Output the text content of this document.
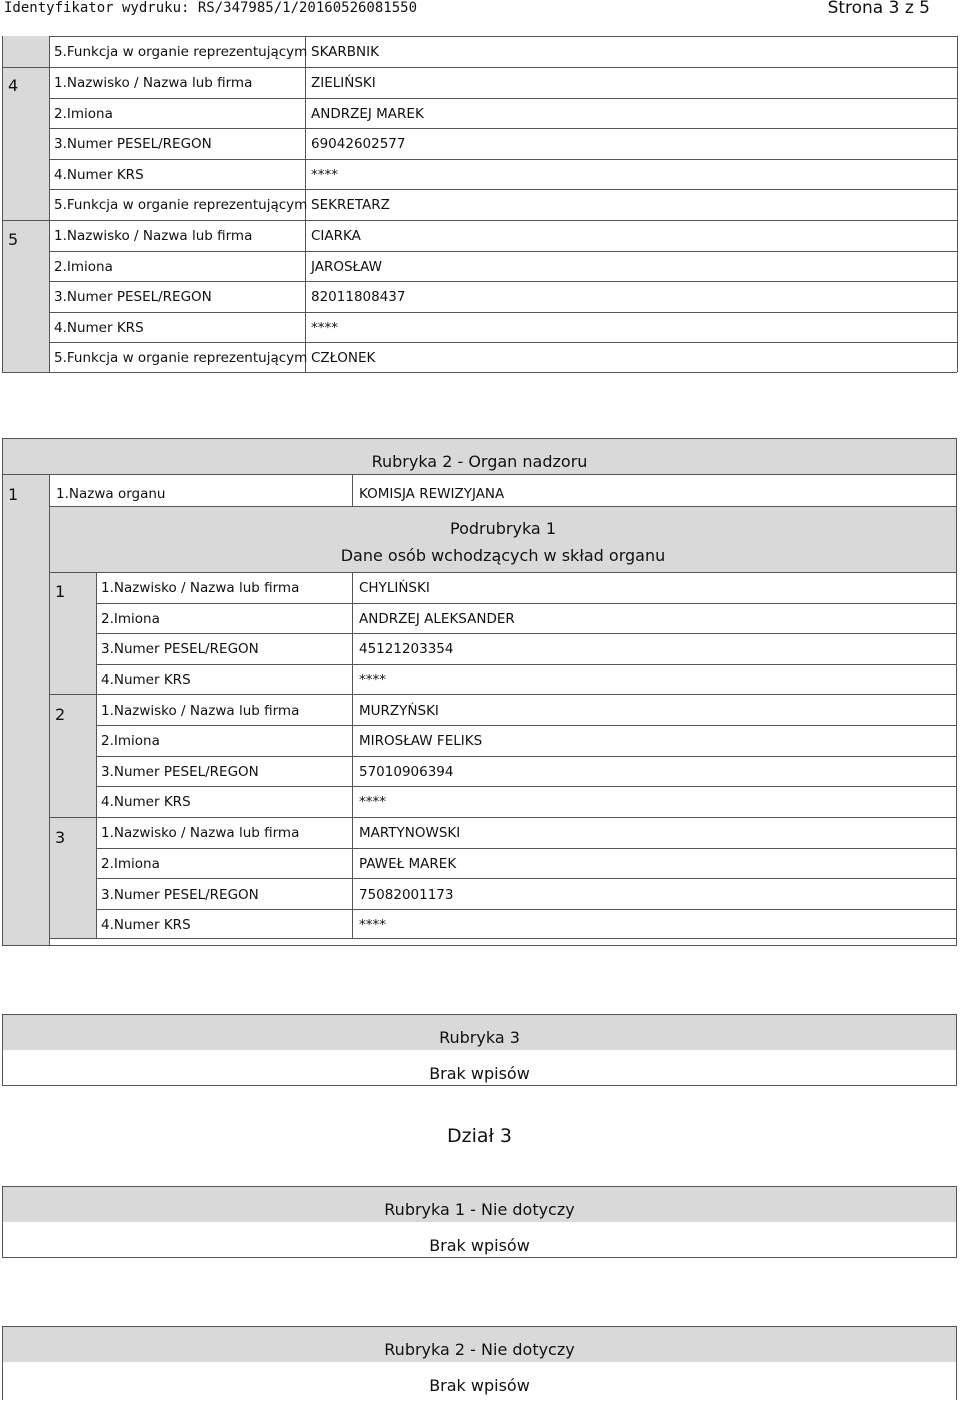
Identyfikator wydruku: RS/347985/1/20160526081550	Strona 3 z 5
5.Funkcja w organie reprezentującym SKARBNIK
4	1.Nazwisko / Nazwa lub firma	ZIELIŃSKI
2.Imiona	ANDRZEJ MAREK
3.Numer PESEL/REGON	69042602577
4.Numer KRS	****
5.Funkcja w organie reprezentującym SEKRETARZ
5	1.Nazwisko / Nazwa lub firma	CIARKA
2.Imiona	JAROSŁAW
3.Numer PESEL/REGON	82011808437
4.Numer KRS	****
5.Funkcja w organie reprezentującym CZŁONEK
Rubryka 2 - Organ nadzoru
1	1.Nazwa organu	KOMISJA REWIZYJANA
Podrubryka 1
Dane osób wchodzących w skład organu
1	1.Nazwisko / Nazwa lub firma	CHYLIŃSKI
2.Imiona	ANDRZEJ ALEKSANDER
3.Numer PESEL/REGON	45121203354
4.Numer KRS	****
2	1.Nazwisko / Nazwa lub firma	MURZYŃSKI
2.Imiona	MIROSŁAW FELIKS
3.Numer PESEL/REGON	57010906394
4.Numer KRS	****
3	1.Nazwisko / Nazwa lub firma	MARTYNOWSKI
2.Imiona	PAWEŁ MAREK
3.Numer PESEL/REGON	75082001173
4.Numer KRS	****
Rubryka 3
Brak wpisów
Dział 3
Rubryka 1 - Nie dotyczy
Brak wpisów
Rubryka 2 - Nie dotyczy
Brak wpisów
